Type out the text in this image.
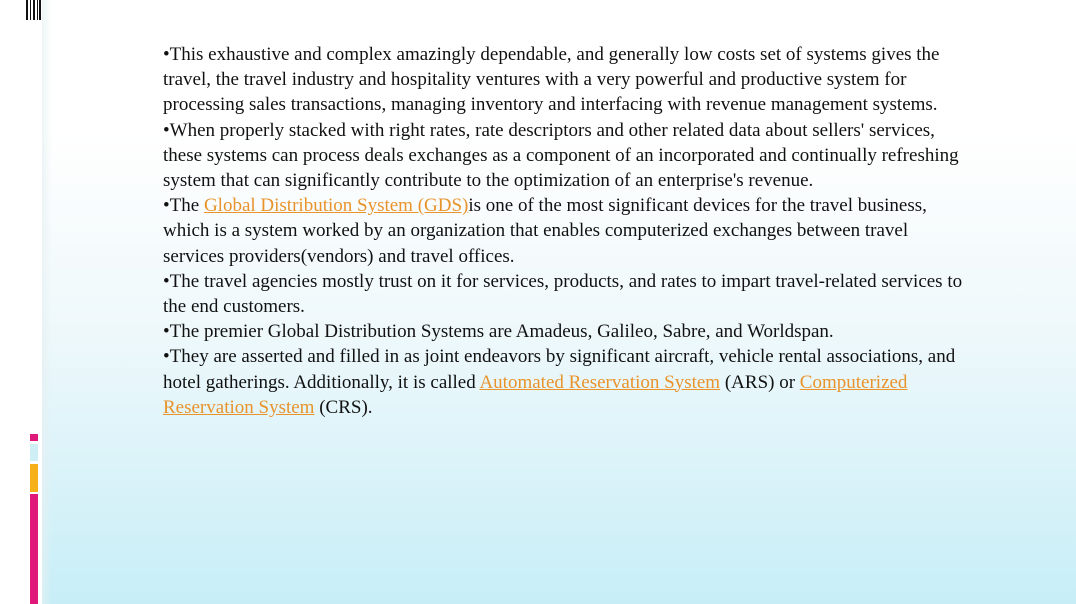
•This exhaustive and complex amazingly dependable, and generally low costs set of systems gives the travel, the travel industry and hospitality ventures with a very powerful and productive system for processing sales transactions, managing inventory and interfacing with revenue management systems.

•When properly stacked with right rates, rate descriptors and other related data about sellers' services, these systems can process deals exchanges as a component of an incorporated and continually refreshing system that can significantly contribute to the optimization of an enterprise's revenue.

•The Global Distribution System (GDS)is one of the most significant devices for the travel business, which is a system worked by an organization that enables computerized exchanges between travel services providers(vendors) and travel offices.

•The travel agencies mostly trust on it for services, products, and rates to impart travel-related services to the end customers.

•The premier Global Distribution Systems are Amadeus, Galileo, Sabre, and Worldspan.

•They are asserted and filled in as joint endeavors by significant aircraft, vehicle rental associations, and hotel gatherings. Additionally, it is called Automated Reservation System (ARS) or Computerized Reservation System (CRS).
